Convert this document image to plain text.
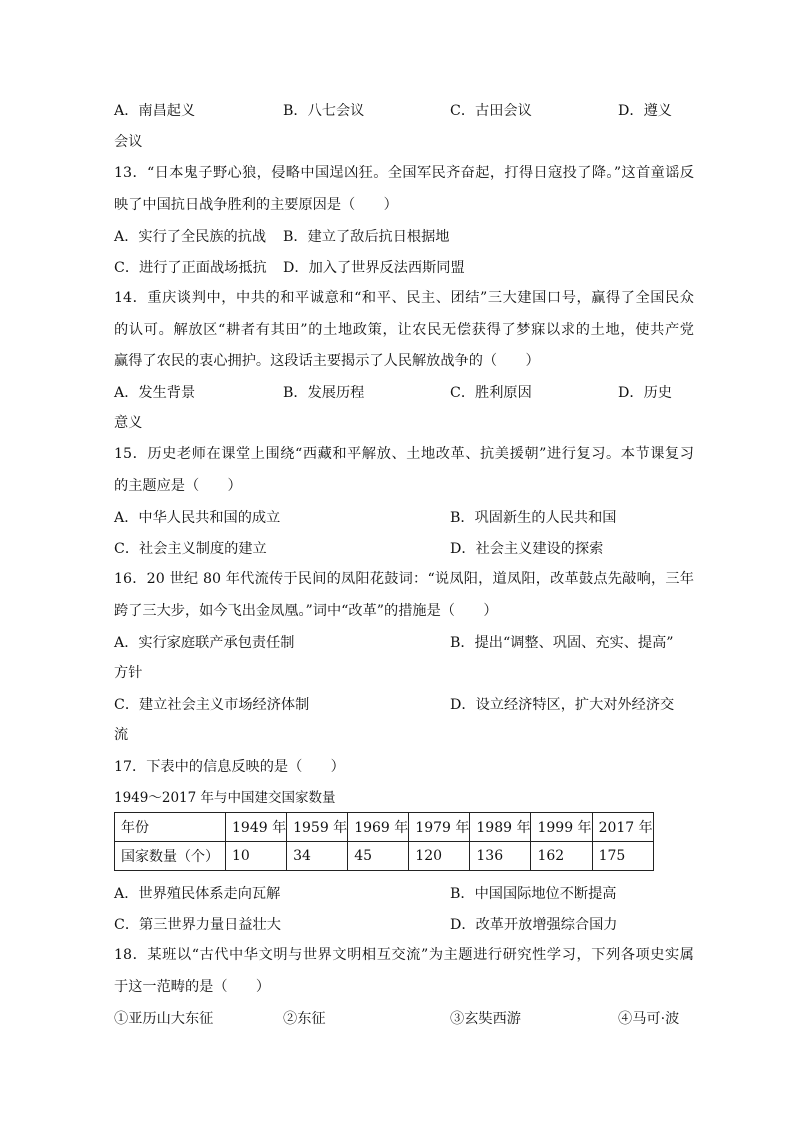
A．南昌起义	B．八七会议	C．古田会议	D．遵义
会议
13．“日本鬼子野心狼，侵略中国逞凶狂。全国军民齐奋起，打得日寇投了降。”这首童谣反
映了中国抗日战争胜利的主要原因是（　　）
A．实行了全民族的抗战 B．建立了敌后抗日根据地
C．进行了正面战场抵抗 D．加入了世界反法西斯同盟
14．重庆谈判中，中共的和平诚意和“和平、民主、团结”三大建国口号，赢得了全国民众
的认可。解放区“耕者有其田”的土地政策，让农民无偿获得了梦寐以求的土地，使共产党
赢得了农民的衷心拥护。这段话主要揭示了人民解放战争的（　　）
A．发生背景	B．发展历程	C．胜利原因	D．历史
意义
15．历史老师在课堂上围绕“西藏和平解放、土地改革、抗美援朝”进行复习。本节课复习
的主题应是（　　）
A．中华人民共和国的成立	B．巩固新生的人民共和国
C．社会主义制度的建立	D．社会主义建设的探索
16．20 世纪 80 年代流传于民间的凤阳花鼓词：“说凤阳，道凤阳，改革鼓点先敲响，三年
跨了三大步，如今飞出金凤凰。”词中“改革”的措施是（　　）
A．实行家庭联产承包责任制	B．提出“调整、巩固、充实、提高”
方针
C．建立社会主义市场经济体制	D．设立经济特区，扩大对外经济交
流
17．下表中的信息反映的是（　　）
1949～2017 年与中国建交国家数量
年份	1949 年	1959 年	1969 年	1979 年	1989 年	1999 年	2017 年
国家数量（个）	10	34	45	120	136	162	175
A．世界殖民体系走向瓦解	B．中国国际地位不断提高
C．第三世界力量日益壮大	D．改革开放增强综合国力
18．某班以“古代中华文明与世界文明相互交流”为主题进行研究性学习，下列各项史实属
于这一范畴的是（　　）
①亚历山大东征	②东征	③玄奘西游	④马可·波
